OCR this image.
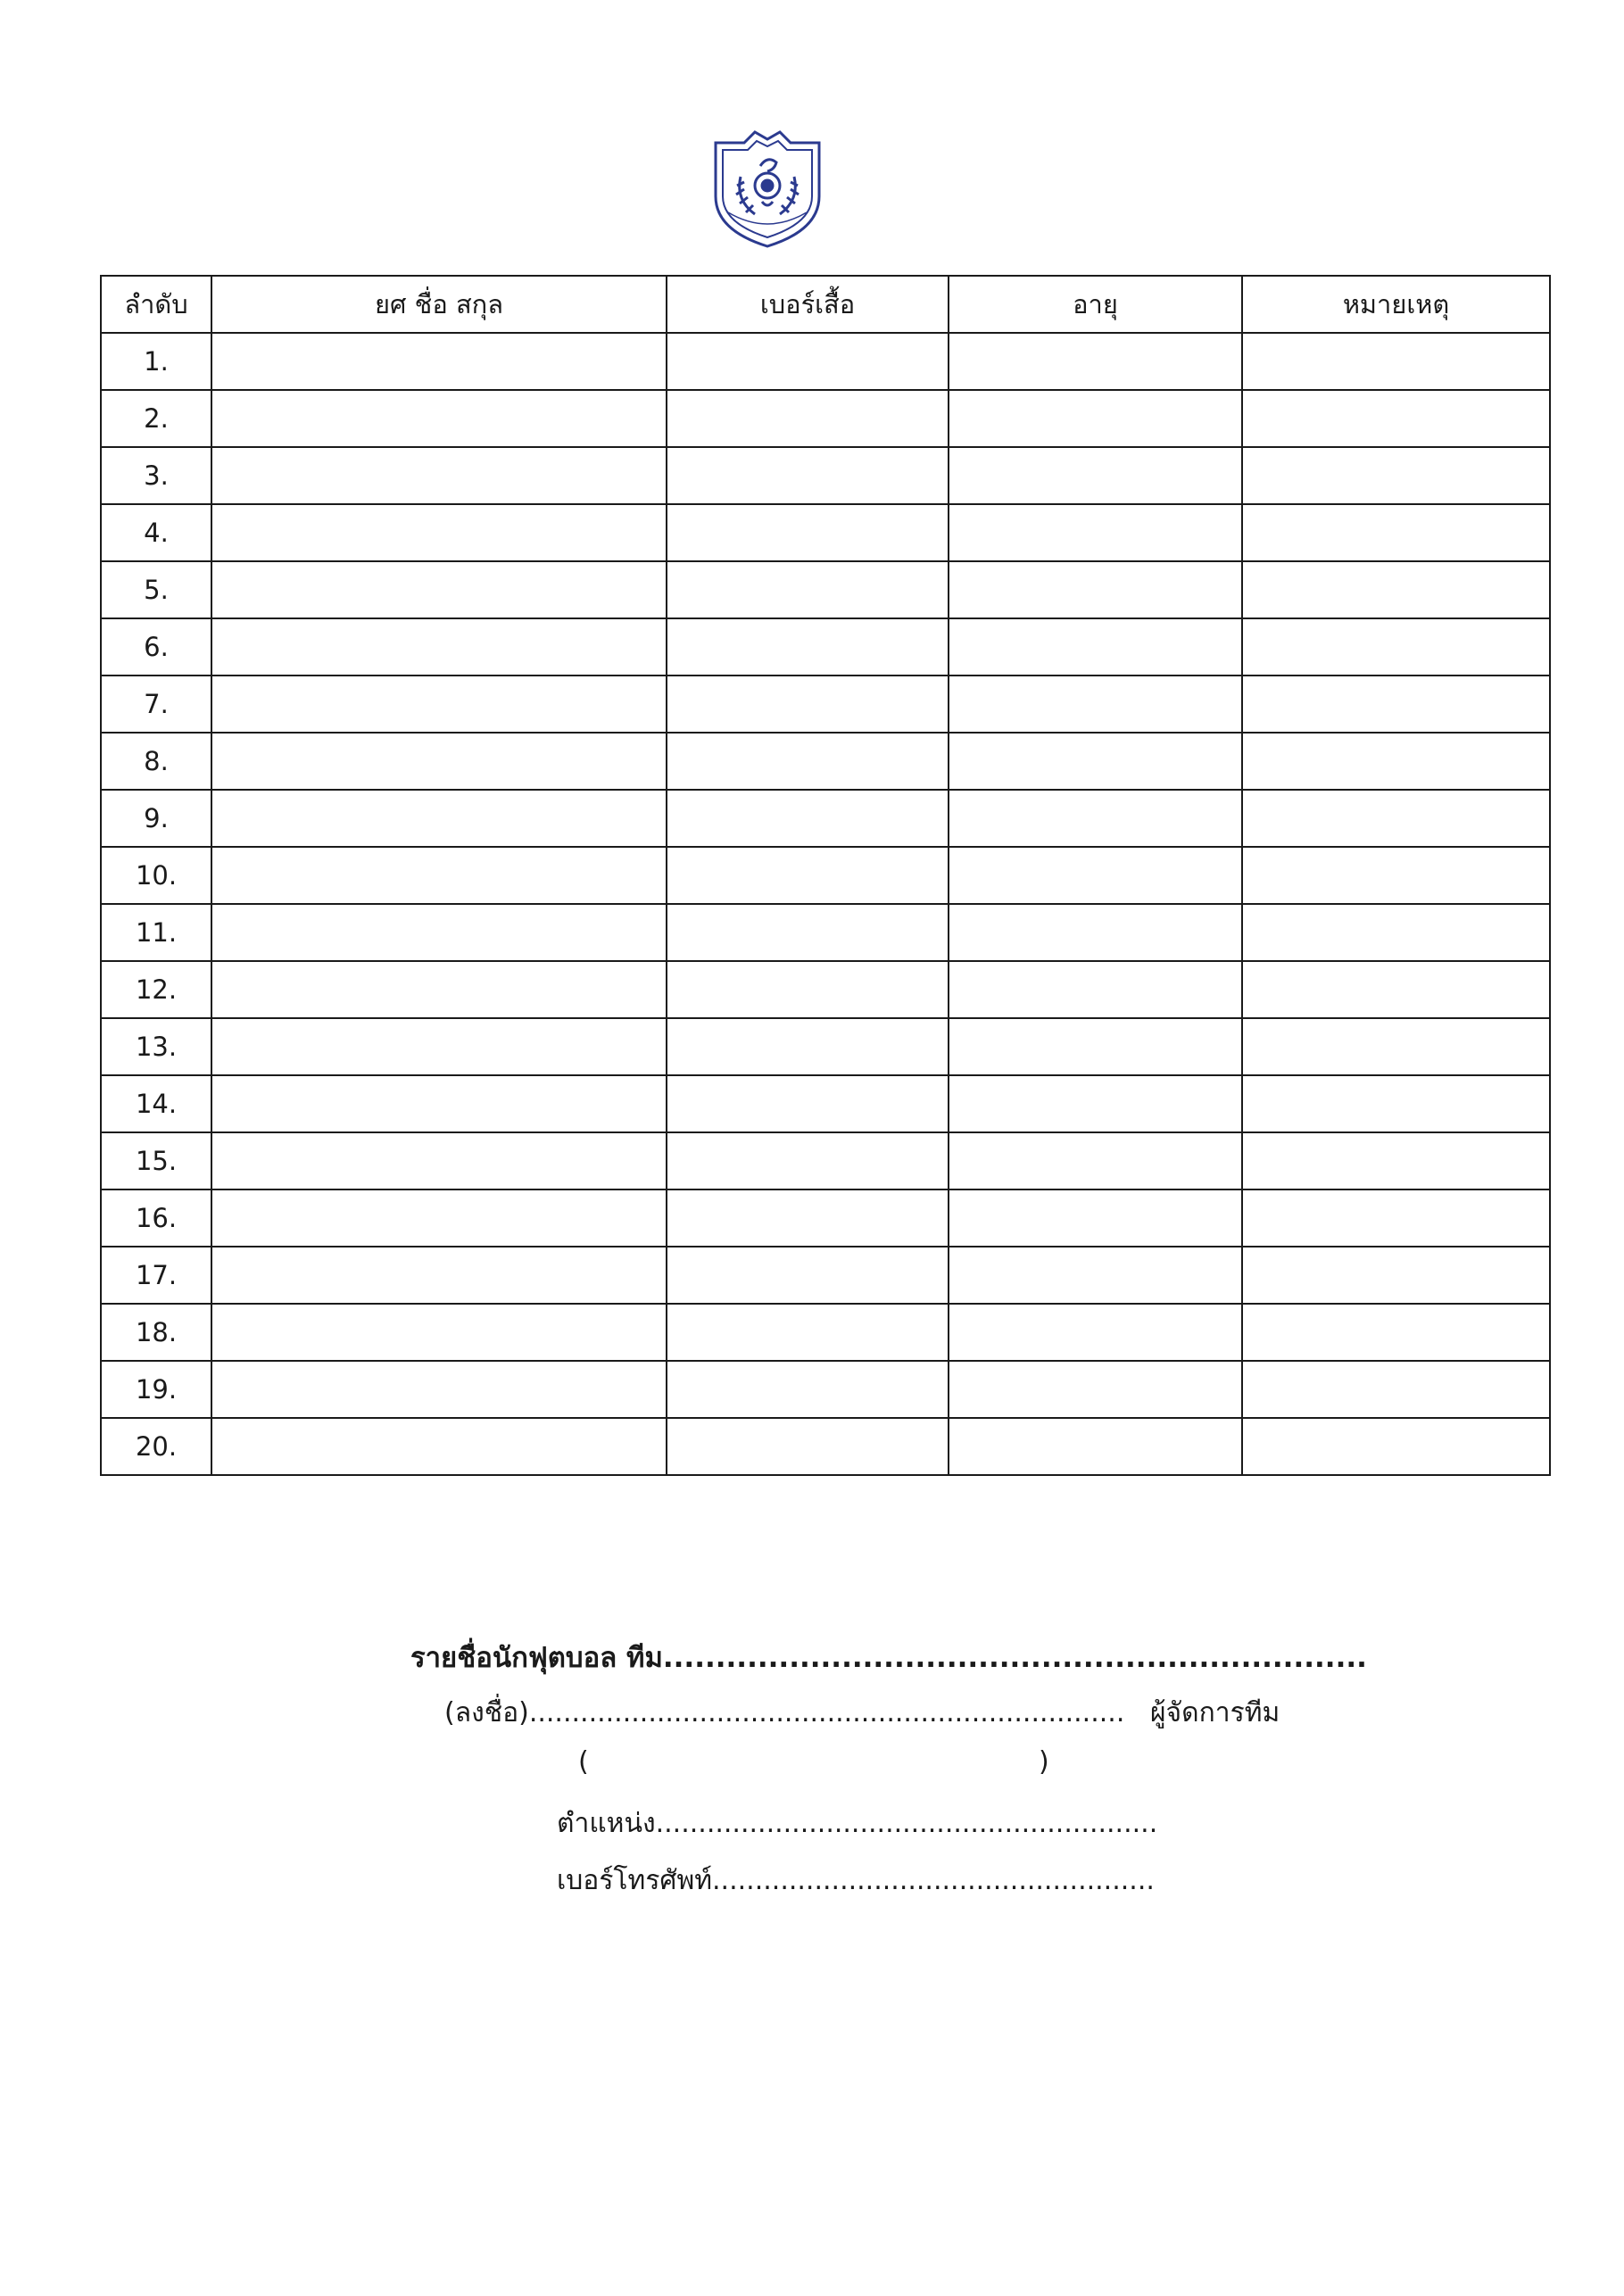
ลำดับ	ยศ ชื่อ สกุล	เบอร์เสื้อ	อายุ	หมายเหตุ
1.				
2.				
3.				
4.				
5.				
6.				
7.				
8.				
9.				
10.				
11.				
12.				
13.				
14.				
15.				
16.				
17.				
18.				
19.				
20.				
รายชื่อนักฟุตบอล ทีม...................................................................
(ลงชื่อ)...................................................................... ผู้จัดการทีม
(	)
ตำแหน่ง...........................................................
เบอร์โทรศัพท์....................................................
